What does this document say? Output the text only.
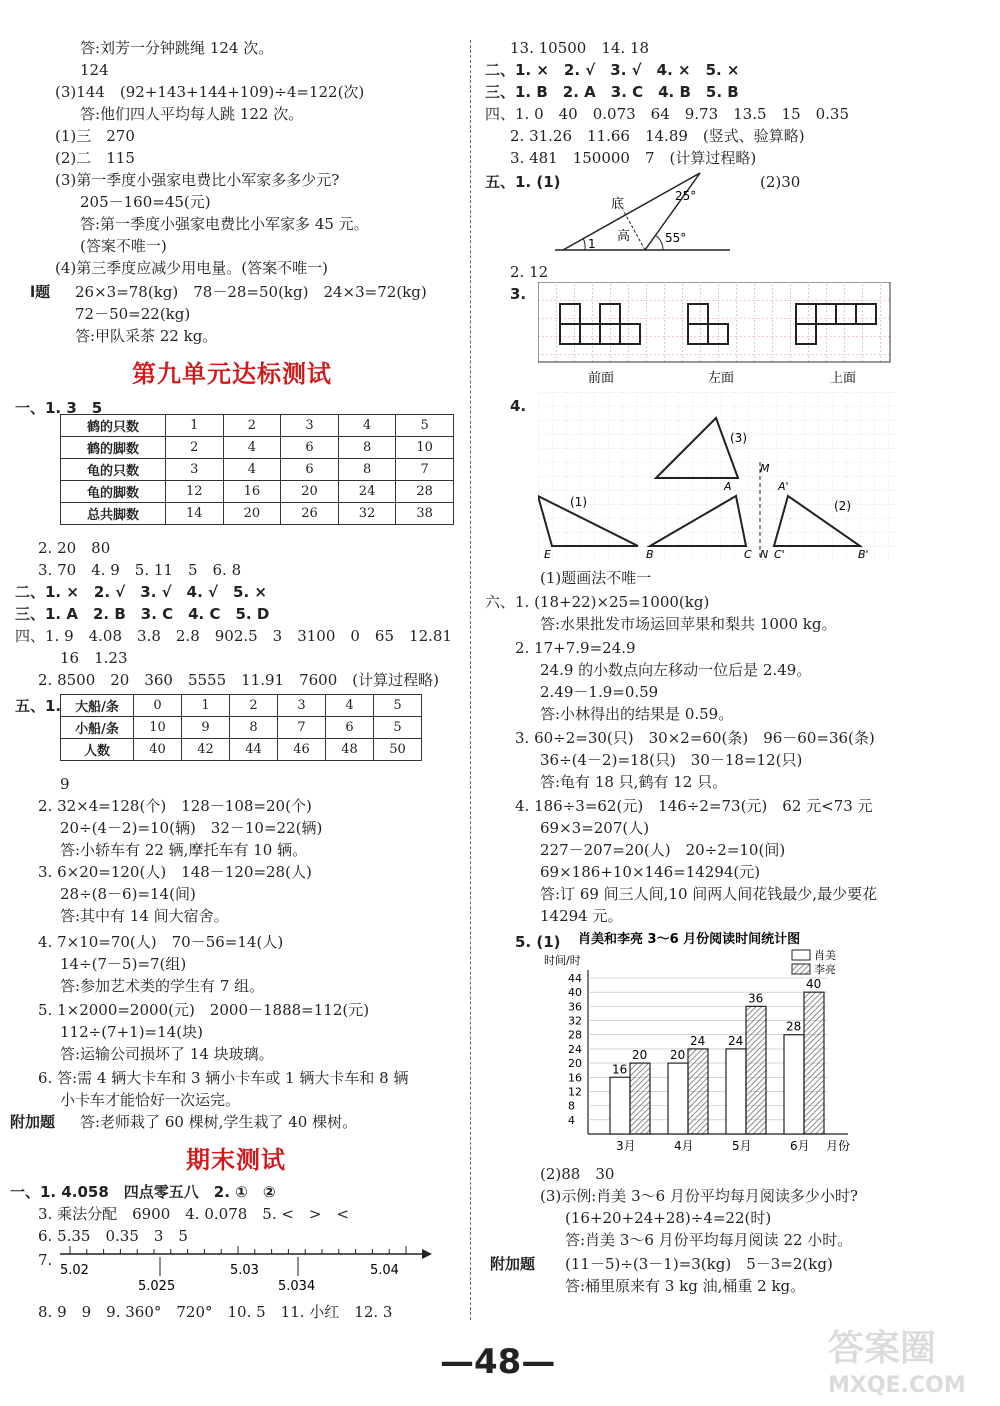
答:刘芳一分钟跳绳 124 次。
124
(3)144　(92+143+144+109)÷4=122(次)
答:他们四人平均每人跳 122 次。
(1)三　270
(2)二　115
(3)第一季度小强家电费比小军家多多少元?
205－160=45(元)
答:第一季度小强家电费比小军家多 45 元。
(答案不唯一)
(4)第三季度应减少用电量。(答案不唯一)
l题 26×3=78(kg)　78－28=50(kg)　24×3=72(kg)
72－50=22(kg)
答:甲队采茶 22 kg。
第九单元达标测试
一、1. 3　5
鹤的只数	1	2	3	4	5
鹤的脚数	2	4	6	8	10
龟的只数	3	4	6	8	7
龟的脚数	12	16	20	24	28
总共脚数	14	20	26	32	38
2. 20　80
3. 70　4. 9　5. 11　5　6. 8
二、1. ×　2. √　3. √　4. √　5. ×
三、1. A　2. B　3. C　4. C　5. D
四、1. 9　4.08　3.8　2.8　902.5　3　3100　0　65　12.81
16　1.23
2. 8500　20　360　5555　11.91　7600　(计算过程略)
五、1. 大船/条	0	1	2	3	4	5
小船/条	10	9	8	7	6	5
人数	40	42	44	46	48	50
9
2. 32×4=128(个)　128－108=20(个)
20÷(4－2)=10(辆)　32－10=22(辆)
答:小轿车有 22 辆,摩托车有 10 辆。
3. 6×20=120(人)　148－120=28(人)
28÷(8－6)=14(间)
答:其中有 14 间大宿舍。
4. 7×10=70(人)　70－56=14(人)
14÷(7－5)=7(组)
答:参加艺术类的学生有 7 组。
5. 1×2000=2000(元)　2000－1888=112(元)
112÷(7+1)=14(块)
答:运输公司损坏了 14 块玻璃。
6. 答:需 4 辆大卡车和 3 辆小卡车或 1 辆大卡车和 8 辆
小卡车才能恰好一次运完。
附加题 答:老师栽了 60 棵树,学生栽了 40 棵树。
期末测试
一、1. 4.058　四点零五八　2. ①　②
3. 乘法分配　6900　4. 0.078　5. <　>　<
6. 5.35　0.35　3　5
7.
5.02	5.03	5.04
5.025	5.034
8. 9　9　9. 360°　720°　10. 5　11. 小红　12. 3
13. 10500　14. 18
二、1. ×　2. √　3. √　4. ×　5. ×
三、1. B　2. A　3. C　4. B　5. B
四、1. 0　40　0.073　64　9.73　13.5　15　0.35
2. 31.26　11.66　14.89　(竖式、验算略)
3. 481　150000　7　(计算过程略)
五、1. (1)	(2)30
底
高
25°
55°
1
2. 12
3.
前面	左面	上面
4.
(3)
A
M
A'
(1)	(2)
E	B	C N C'	B'
(1)题画法不唯一
六、1. (18+22)×25=1000(kg)
答:水果批发市场运回苹果和梨共 1000 kg。
2. 17+7.9=24.9
24.9 的小数点向左移动一位后是 2.49。
2.49－1.9=0.59
答:小林得出的结果是 0.59。
3. 60÷2=30(只)　30×2=60(条)　96－60=36(条)
36÷(4－2)=18(只)　30－18=12(只)
答:龟有 18 只,鹤有 12 只。
4. 186÷3=62(元)　146÷2=73(元)　62 元<73 元
69×3=207(人)
227－207=20(人)　20÷2=10(间)
69×186+10×146=14294(元)
答:订 69 间三人间,10 间两人间花钱最少,最少要花
14294 元。
5. (1) 肖美和李亮 3～6 月份阅读时间统计图
时间/时
月份
4
8
12
16
20
24
28
32
36
40
44
16
20 20
24 24
36
28
40
3月	4月	5月	6月
肖美
李亮
(2)88　30
(3)示例:肖美 3～6 月份平均每月阅读多少小时?
(16+20+24+28)÷4=22(时)
答:肖美 3～6 月份平均每月阅读 22 小时。
附加题 (11－5)÷(3－1)=3(kg)　5－3=2(kg)
答:桶里原来有 3 kg 油,桶重 2 kg。
—48—	答案圈
MXQE.COM
